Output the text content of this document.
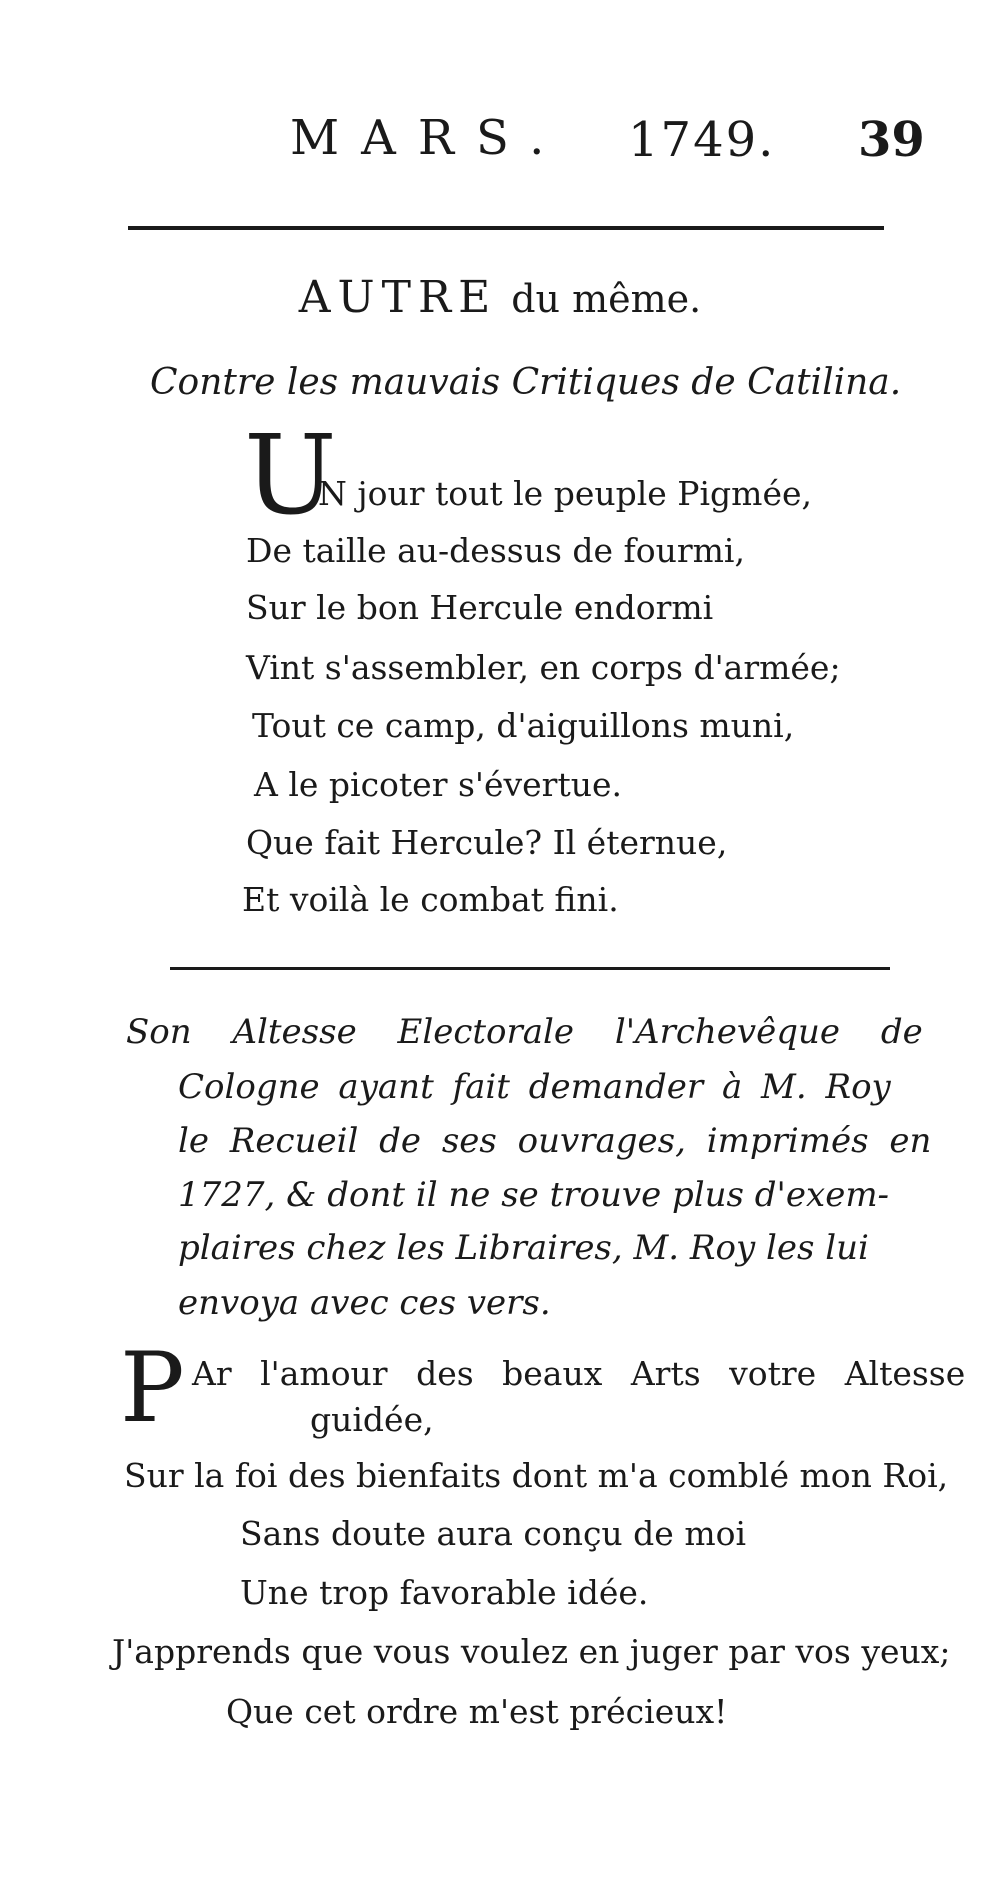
MARS. 1749. 39
AUTRE du même.
Contre les mauvais Critiques de Catilina.
U
N jour tout le peuple Pigmée,
De taille au-dessus de fourmi,
Sur le bon Hercule endormi
Vint s'assembler, en corps d'armée;
Tout ce camp, d'aiguillons muni,
A le picoter s'évertue.
Que fait Hercule? Il éternue,
Et voilà le combat fini.
Son Altesse Electorale l'Archevêque de
Cologne ayant fait demander à M. Roy
le Recueil de ses ouvrages, imprimés en
1727, & dont il ne se trouve plus d'exem-
plaires chez les Libraires, M. Roy les lui
envoya avec ces vers.
P Ar l'amour des beaux Arts votre Altesse
guidée,
Sur la foi des bienfaits dont m'a comblé mon Roi,
Sans doute aura conçu de moi
Une trop favorable idée.
J'apprends que vous voulez en juger par vos yeux;
Que cet ordre m'est précieux!
